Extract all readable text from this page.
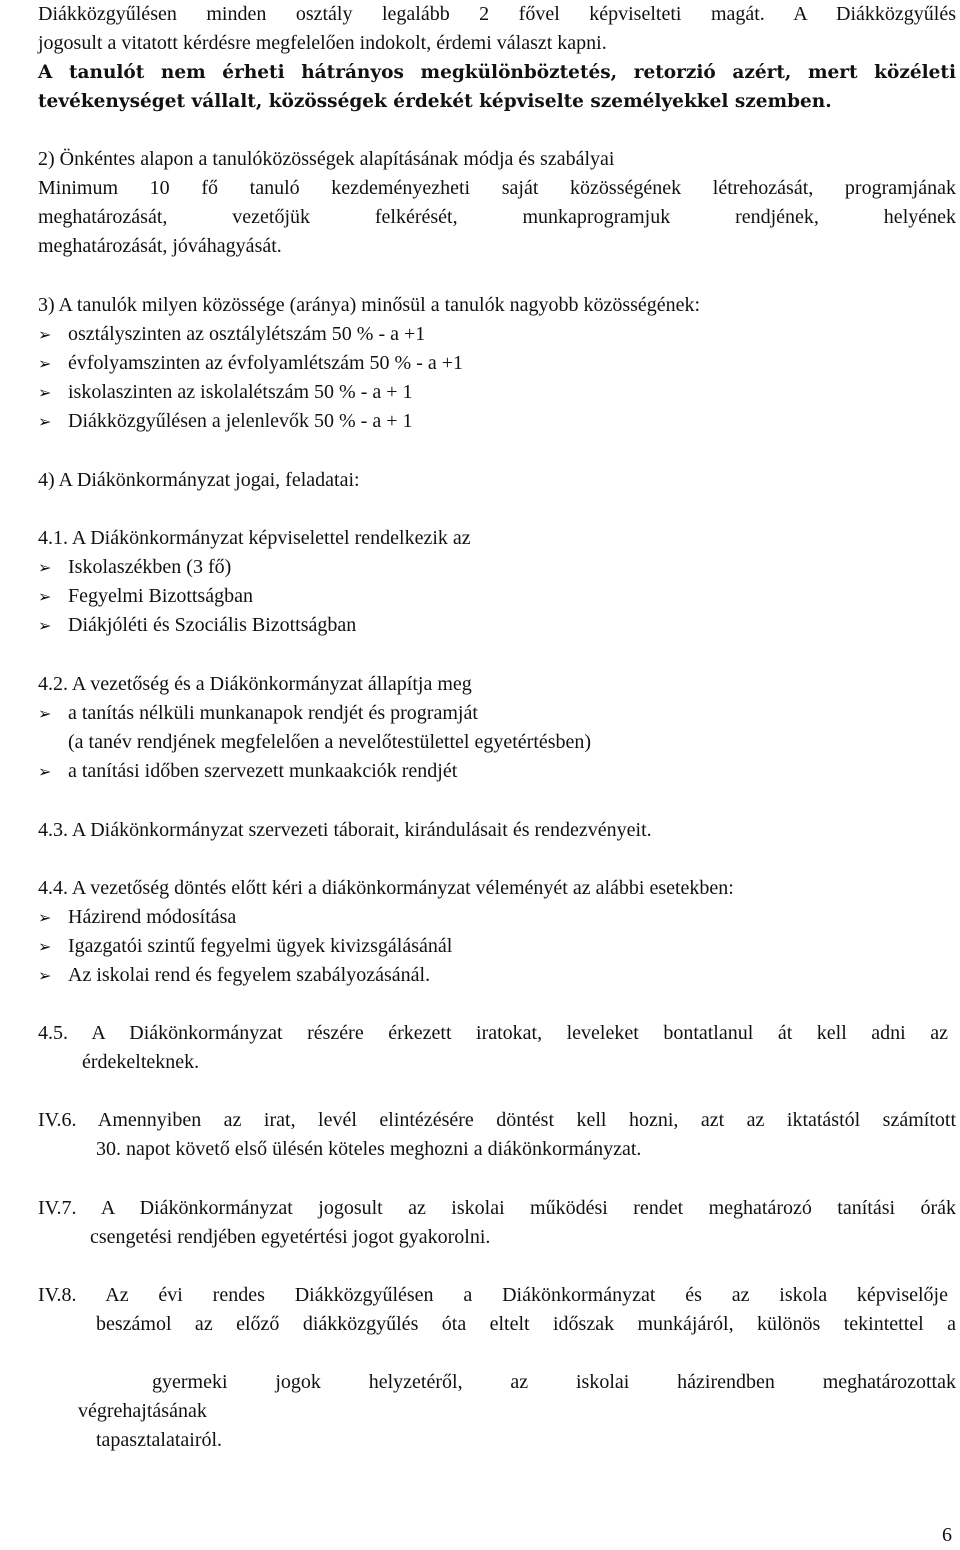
Diákközgyűlésen minden osztály legalább 2 fővel képviselteti magát. A Diákközgyűlés
jogosult a vitatott kérdésre megfelelően indokolt, érdemi választ kapni.
A tanulót nem érheti hátrányos megkülönböztetés, retorzió azért, mert közéleti
tevékenységet vállalt, közösségek érdekét képviselte személyekkel szemben.
2) Önkéntes alapon a tanulóközösségek alapításának módja és szabályai
Minimum 10 fő tanuló kezdeményezheti saját közösségének létrehozását, programjának
meghatározását, vezetőjük felkérését, munkaprogramjuk rendjének, helyének
meghatározását, jóváhagyását.
3) A tanulók milyen közössége (aránya) minősül a tanulók nagyobb közösségének:
➢ osztályszinten az osztálylétszám 50 % - a +1
➢ évfolyamszinten az évfolyamlétszám 50 % - a +1
➢ iskolaszinten az iskolalétszám 50 % - a + 1
➢ Diákközgyűlésen a jelenlevők 50 % - a + 1
4) A Diákönkormányzat jogai, feladatai:
4.1. A Diákönkormányzat képviselettel rendelkezik az
➢ Iskolaszékben (3 fő)
➢ Fegyelmi Bizottságban
➢ Diákjóléti és Szociális Bizottságban
4.2. A vezetőség és a Diákönkormányzat állapítja meg
➢ a tanítás nélküli munkanapok rendjét és programját
(a tanév rendjének megfelelően a nevelőtestülettel egyetértésben)
➢ a tanítási időben szervezett munkaakciók rendjét
4.3. A Diákönkormányzat szervezeti táborait, kirándulásait és rendezvényeit.
4.4. A vezetőség döntés előtt kéri a diákönkormányzat véleményét az alábbi esetekben:
➢ Házirend módosítása
➢ Igazgatói szintű fegyelmi ügyek kivizsgálásánál
➢ Az iskolai rend és fegyelem szabályozásánál.
4.5. A Diákönkormányzat részére érkezett iratokat, leveleket bontatlanul át kell adni az
érdekelteknek.
IV.6. Amennyiben az irat, levél elintézésére döntést kell hozni, azt az iktatástól számított
30. napot követő első ülésén köteles meghozni a diákönkormányzat.
IV.7. A Diákönkormányzat jogosult az iskolai működési rendet meghatározó tanítási órák
csengetési rendjében egyetértési jogot gyakorolni.
IV.8. Az évi rendes Diákközgyűlésen a Diákönkormányzat és az iskola képviselője
beszámol az előző diákközgyűlés óta eltelt időszak munkájáról, különös tekintettel a
gyermeki jogok helyzetéről, az iskolai házirendben meghatározottak
végrehajtásának
tapasztalatairól.
6
